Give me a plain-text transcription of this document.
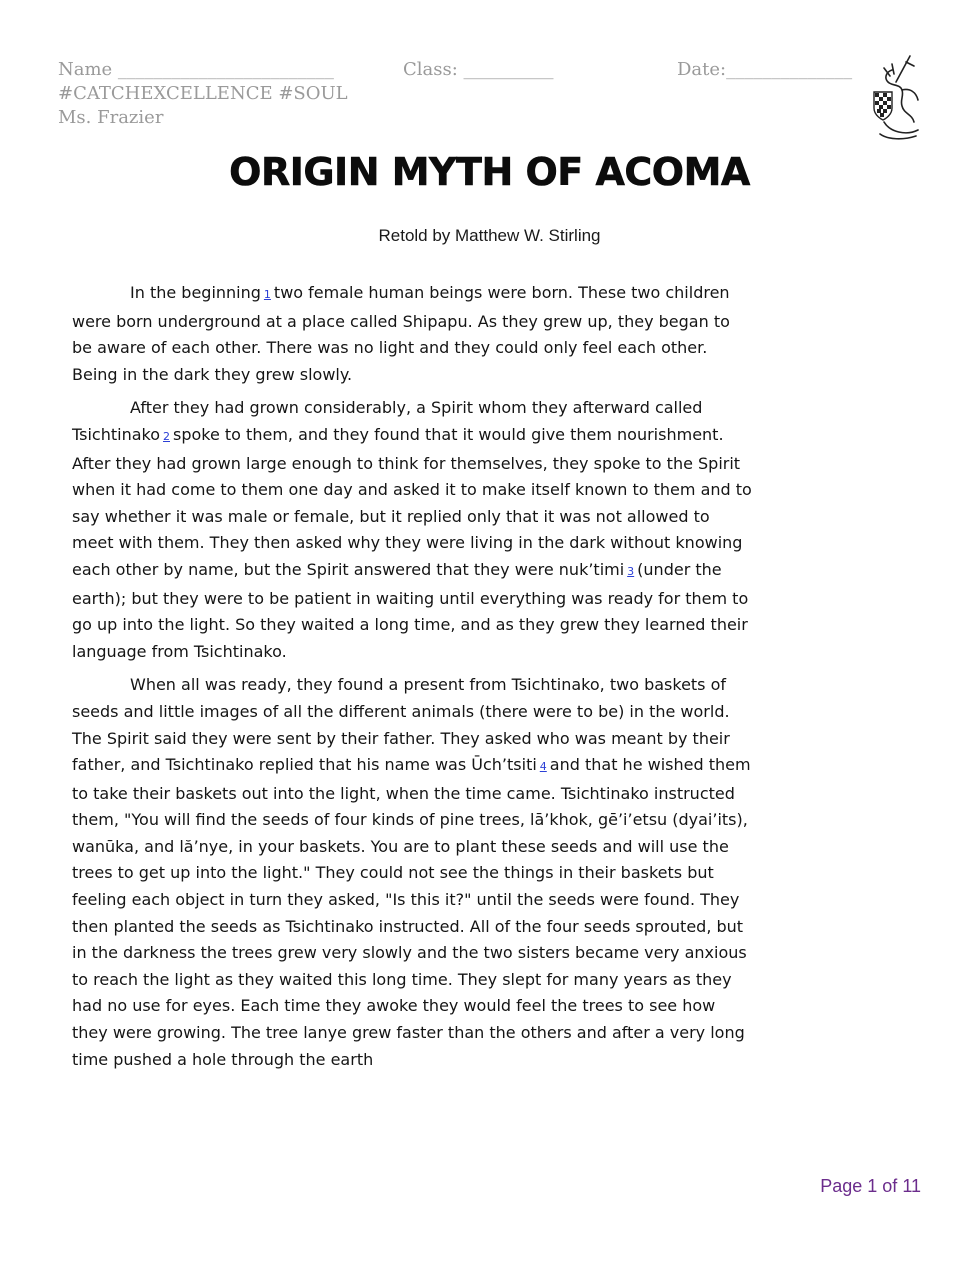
Name ________________________	Class: __________	Date:______________
#CATCHEXCELLENCE #SOUL
Ms. Frazier
ORIGIN MYTH OF ACOMA
Retold by Matthew W. Stirling

In the beginning 1 two female human beings were born. These two children were born underground at a place called Shipapu. As they grew up, they began to be aware of each other. There was no light and they could only feel each other. Being in the dark they grew slowly.

After they had grown considerably, a Spirit whom they afterward called Tsichtinako 2 spoke to them, and they found that it would give them nourishment. After they had grown large enough to think for themselves, they spoke to the Spirit when it had come to them one day and asked it to make itself known to them and to say whether it was male or female, but it replied only that it was not allowed to meet with them. They then asked why they were living in the dark without knowing each other by name, but the Spirit answered that they were nuk’timi 3 (under the earth); but they were to be patient in waiting until everything was ready for them to go up into the light. So they waited a long time, and as they grew they learned their language from Tsichtinako.

When all was ready, they found a present from Tsichtinako, two baskets of seeds and little images of all the different animals (there were to be) in the world. The Spirit said they were sent by their father. They asked who was meant by their father, and Tsichtinako replied that his name was Ūch’tsiti 4 and that he wished them to take their baskets out into the light, when the time came. Tsichtinako instructed them, "You will find the seeds of four kinds of pine trees, lā’khok, gē’i’etsu (dyai’its), wanūka, and lă’nye, in your baskets. You are to plant these seeds and will use the trees to get up into the light." They could not see the things in their baskets but feeling each object in turn they asked, "Is this it?" until the seeds were found. They then planted the seeds as Tsichtinako instructed. All of the four seeds sprouted, but in the darkness the trees grew very slowly and the two sisters became very anxious to reach the light as they waited this long time. They slept for many years as they had no use for eyes. Each time they awoke they would feel the trees to see how they were growing. The tree lanye grew faster than the others and after a very long time pushed a hole through the earth

Page 1 of 11
